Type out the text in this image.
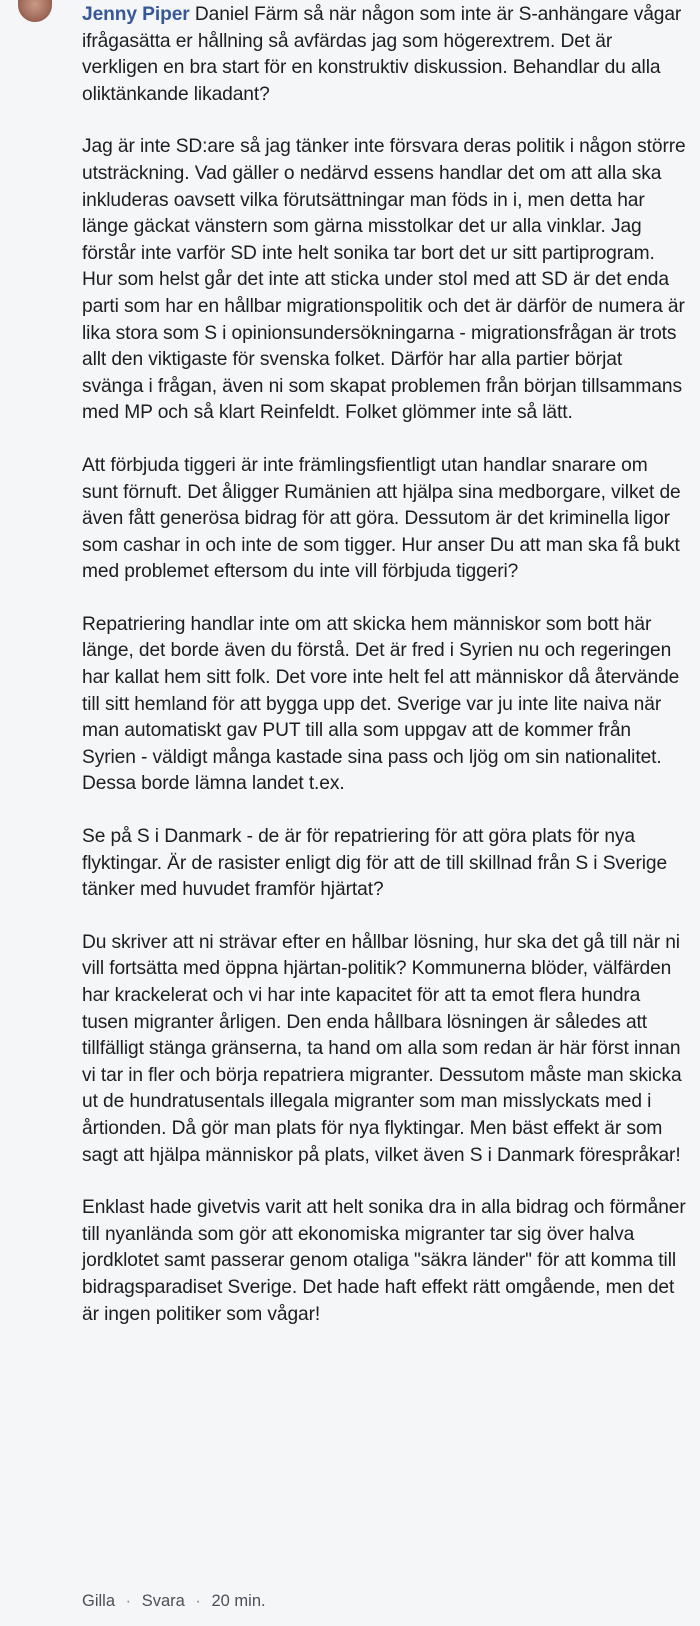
Jenny Piper Daniel Färm så när någon som inte är S-anhängare vågar ifrågasätta er hållning så avfärdas jag som högerextrem. Det är verkligen en bra start för en konstruktiv diskussion. Behandlar du alla oliktänkande likadant?

Jag är inte SD:are så jag tänker inte försvara deras politik i någon större utsträckning. Vad gäller o nedärvd essens handlar det om att alla ska inkluderas oavsett vilka förutsättningar man föds in i, men detta har länge gäckat vänstern som gärna misstolkar det ur alla vinklar. Jag förstår inte varför SD inte helt sonika tar bort det ur sitt partiprogram. Hur som helst går det inte att sticka under stol med att SD är det enda parti som har en hållbar migrationspolitik och det är därför de numera är lika stora som S i opinionsundersökningarna - migrationsfrågan är trots allt den viktigaste för svenska folket. Därför har alla partier börjat svänga i frågan, även ni som skapat problemen från början tillsammans med MP och så klart Reinfeldt. Folket glömmer inte så lätt.

Att förbjuda tiggeri är inte främlingsfientligt utan handlar snarare om sunt förnuft. Det åligger Rumänien att hjälpa sina medborgare, vilket de även fått generösa bidrag för att göra. Dessutom är det kriminella ligor som cashar in och inte de som tigger. Hur anser Du att man ska få bukt med problemet eftersom du inte vill förbjuda tiggeri?

Repatriering handlar inte om att skicka hem människor som bott här länge, det borde även du förstå. Det är fred i Syrien nu och regeringen har kallat hem sitt folk. Det vore inte helt fel att människor då återvände till sitt hemland för att bygga upp det. Sverige var ju inte lite naiva när man automatiskt gav PUT till alla som uppgav att de kommer från Syrien - väldigt många kastade sina pass och ljög om sin nationalitet. Dessa borde lämna landet t.ex.

Se på S i Danmark - de är för repatriering för att göra plats för nya flyktingar. Är de rasister enligt dig för att de till skillnad från S i Sverige tänker med huvudet framför hjärtat?

Du skriver att ni strävar efter en hållbar lösning, hur ska det gå till när ni vill fortsätta med öppna hjärtan-politik? Kommunerna blöder, välfärden har krackelerat och vi har inte kapacitet för att ta emot flera hundra tusen migranter årligen. Den enda hållbara lösningen är således att tillfälligt stänga gränserna, ta hand om alla som redan är här först innan vi tar in fler och börja repatriera migranter. Dessutom måste man skicka ut de hundratusentals illegala migranter som man misslyckats med i årtionden. Då gör man plats för nya flyktingar. Men bäst effekt är som sagt att hjälpa människor på plats, vilket även S i Danmark förespråkar!

Enklast hade givetvis varit att helt sonika dra in alla bidrag och förmåner till nyanlända som gör att ekonomiska migranter tar sig över halva jordklotet samt passerar genom otaliga "säkra länder" för att komma till bidragsparadiset Sverige. Det hade haft effekt rätt omgående, men det är ingen politiker som vågar!

Gilla · Svara · 20 min.
